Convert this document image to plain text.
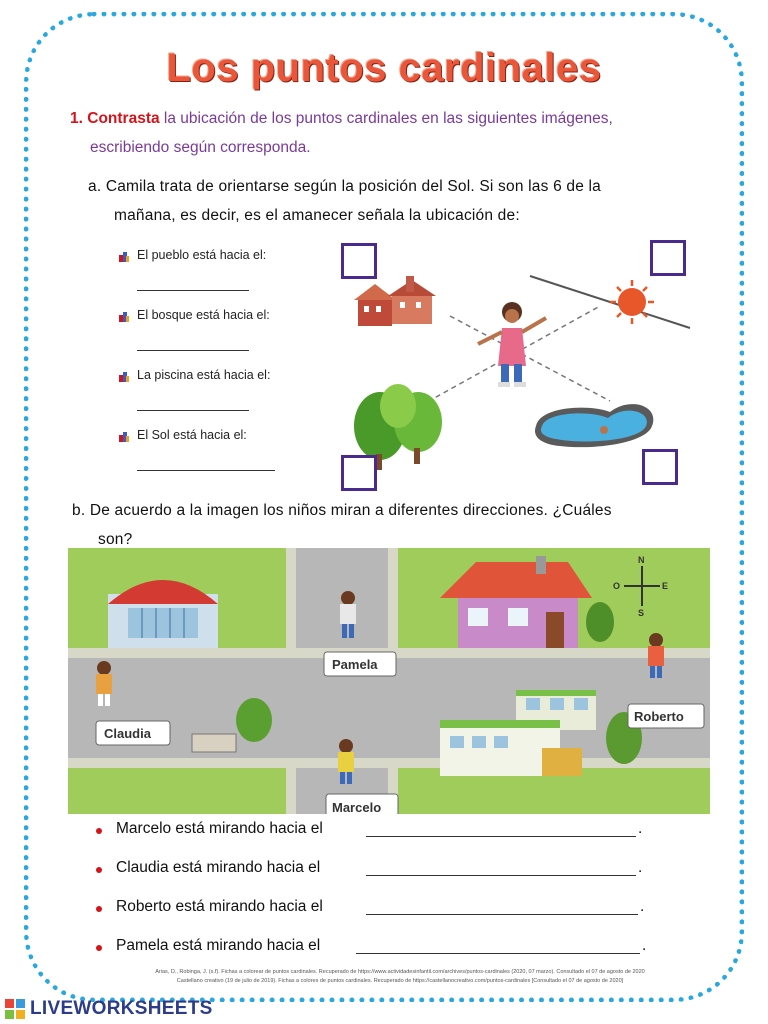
Los puntos cardinales
1. Contrasta la ubicación de los puntos cardinales en las siguientes imágenes,
escribiendo según corresponda.
a. Camila trata de orientarse según la posición del Sol. Si son las 6 de la
mañana, es decir, es el amanecer señala la ubicación de:
El pueblo está hacia el:
El bosque está hacia el:
La piscina está hacia el:
El Sol está hacia el:
b. De acuerdo a la imagen los niños miran a diferentes direcciones. ¿Cuáles
son?
N
S
E
O
Pamela
Claudia
Roberto
Marcelo
Marcelo está mirando hacia el	.
Claudia está mirando hacia el	.
Roberto está mirando hacia el	.
Pamela está mirando hacia el	.
Arias, D., Robinga, J. (s.f). Fichas a colorear de puntos cardinales. Recuperado de https://www.actividadesinfantil.com/archives/puntos-cardinales (2020, 07 marzo). Consultado el 07 de agosto de 2020
Castellano creativo (19 de julio de 2019). Fichas a colores de puntos cardinales. Recuperado de https://castellanocreativo.com/puntos-cardinales [Consultado el 07 de agosto de 2020]
LIVEWORKSHEETS
